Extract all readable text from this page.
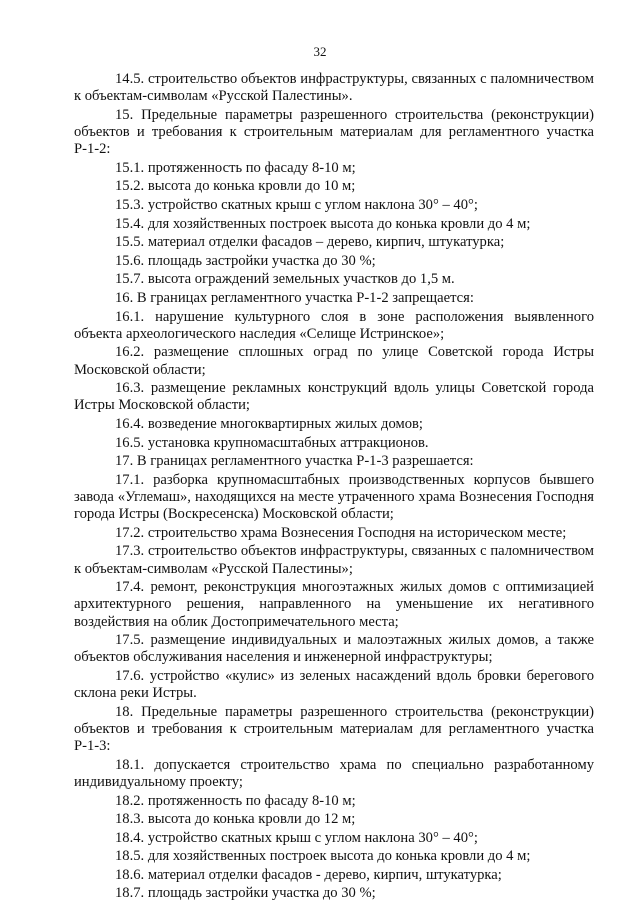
32

14.5. строительство объектов инфраструктуры, связанных с паломничеством к объектам-символам «Русской Палестины».

15. Предельные параметры разрешенного строительства (реконструкции) объектов и требования к строительным материалам для регламентного участка Р-1-2:

15.1. протяженность по фасаду 8-10 м;

15.2. высота до конька кровли до 10 м;

15.3. устройство скатных крыш с углом наклона 30° – 40°;

15.4. для хозяйственных построек высота до конька кровли до 4 м;

15.5. материал отделки фасадов – дерево, кирпич, штукатурка;

15.6. площадь застройки участка до 30 %;

15.7. высота ограждений земельных участков до 1,5 м.

16. В границах регламентного участка Р-1-2 запрещается:

16.1. нарушение культурного слоя в зоне расположения выявленного объекта археологического наследия «Селище Истринское»;

16.2. размещение сплошных оград по улице Советской города Истры Московской области;

16.3. размещение рекламных конструкций вдоль улицы Советской города Истры Московской области;

16.4. возведение многоквартирных жилых домов;

16.5. установка крупномасштабных аттракционов.

17. В границах регламентного участка Р-1-3 разрешается:

17.1. разборка крупномасштабных производственных корпусов бывшего завода «Углемаш», находящихся на месте утраченного храма Вознесения Господня города Истры (Воскресенска) Московской области;

17.2. строительство храма Вознесения Господня на историческом месте;

17.3. строительство объектов инфраструктуры, связанных с паломничеством к объектам-символам «Русской Палестины»;

17.4. ремонт, реконструкция многоэтажных жилых домов с оптимизацией архитектурного решения, направленного на уменьшение их негативного воздействия на облик Достопримечательного места;

17.5. размещение индивидуальных и малоэтажных жилых домов, а также объектов обслуживания населения и инженерной инфраструктуры;

17.6. устройство «кулис» из зеленых насаждений вдоль бровки берегового склона реки Истры.

18. Предельные параметры разрешенного строительства (реконструкции) объектов и требования к строительным материалам для регламентного участка Р-1-3:

18.1. допускается строительство храма по специально разработанному индивидуальному проекту;

18.2. протяженность по фасаду 8-10 м;

18.3. высота до конька кровли до 12 м;

18.4. устройство скатных крыш с углом наклона 30° – 40°;

18.5. для хозяйственных построек высота до конька кровли до 4 м;

18.6. материал отделки фасадов - дерево, кирпич, штукатурка;

18.7. площадь застройки участка до 30 %;
